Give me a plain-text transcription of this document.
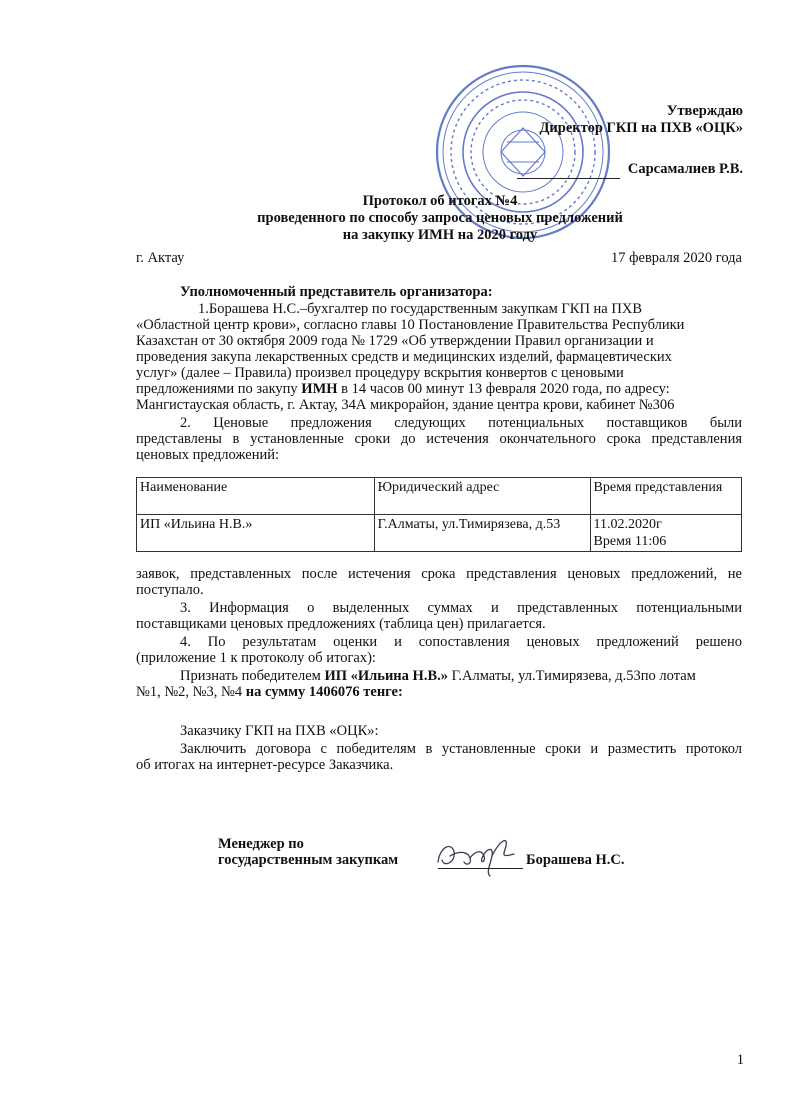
Утверждаю
Директор ГКП на ПХВ «ОЦК»
Сарсамалиев Р.В.
Протокол об итогах №4
проведенного по способу запроса ценовых предложений
на закупку ИМН на 2020 году
г. Актау	17 февраля 2020 года
Уполномоченный представитель организатора:
1.Борашева Н.С.–бухгалтер по государственным закупкам ГКП на ПХВ
«Областной центр крови», согласно главы 10 Постановление Правительства Республики
Казахстан от 30 октября 2009 года № 1729 «Об утверждении Правил организации и
проведения закупа лекарственных средств и медицинских изделий, фармацевтических
услуг» (далее – Правила) произвел процедуру вскрытия конвертов с ценовыми
предложениями по закупу ИМН в 14 часов 00 минут 13 февраля 2020 года, по адресу:
Мангистауская область, г. Актау, 34А микрорайон, здание центра крови, кабинет №306
2. Ценовые предложения следующих потенциальных поставщиков были
представлены в установленные сроки до истечения окончательного срока представления
ценовых предложений:
Наименование	Юридический адрес	Время представления
ИП «Ильина Н.В.»	Г.Алматы, ул.Тимирязева, д.53	11.02.2020г
Время 11:06
заявок, представленных после истечения срока представления ценовых предложений, не
поступало.
3. Информация о выделенных суммах и представленных потенциальными
поставщиками ценовых предложениях (таблица цен) прилагается.
4. По результатам оценки и сопоставления ценовых предложений решено
(приложение 1 к протоколу об итогах):
Признать победителем ИП «Ильина Н.В.» Г.Алматы, ул.Тимирязева, д.53по лотам
№1, №2, №3, №4 на сумму 1406076 тенге:
Заказчику ГКП на ПХВ «ОЦК»:
Заключить договора с победителям в установленные сроки и разместить протокол
об итогах на интернет-ресурсе Заказчика.
Менеджер по
государственным закупкам	Борашева Н.С.
1
